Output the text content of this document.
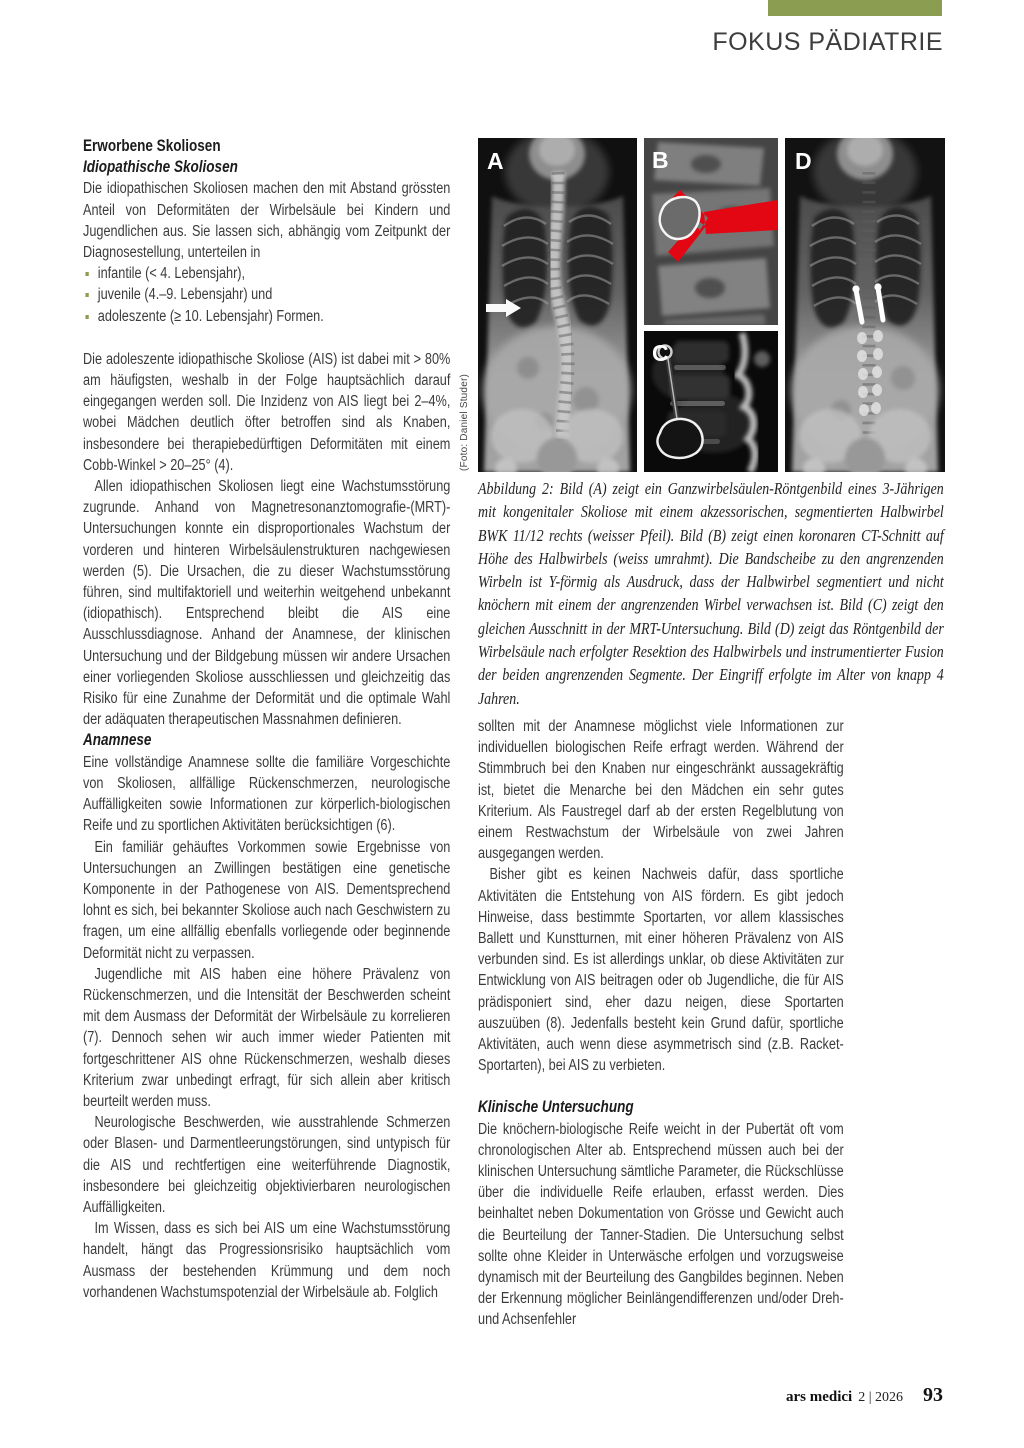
FOKUS PÄDIATRIE
Erworbene Skoliosen
Idiopathische Skoliosen

Die idiopathischen Skoliosen machen den mit Abstand grössten Anteil von Deformitäten der Wirbelsäule bei Kindern und Jugendlichen aus. Sie lassen sich, abhängig vom Zeitpunkt der Diagnosestellung, unterteilen in

infantile (< 4. Lebensjahr),
juvenile (4.–9. Lebensjahr) und
adoleszente (≥ 10. Lebensjahr) Formen.

Die adoleszente idiopathische Skoliose (AIS) ist dabei mit > 80% am häufigsten, weshalb in der Folge hauptsächlich darauf eingegangen werden soll. Die Inzidenz von AIS liegt bei 2–4%, wobei Mädchen deutlich öfter betroffen sind als Knaben, insbesondere bei therapiebedürftigen Deformitäten mit einem Cobb-Winkel > 20–25° (4).

Allen idiopathischen Skoliosen liegt eine Wachstumsstörung zugrunde. Anhand von Magnetresonanztomografie-(MRT)-Untersuchungen konnte ein disproportionales Wachstum der vorderen und hinteren Wirbelsäulenstrukturen nachgewiesen werden (5). Die Ursachen, die zu dieser Wachstumsstörung führen, sind multifaktoriell und weiterhin weitgehend unbekannt (idiopathisch). Entsprechend bleibt die AIS eine Ausschlussdiagnose. Anhand der Anamnese, der klinischen Untersuchung und der Bildgebung müssen wir andere Ursachen einer vorliegenden Skoliose ausschliessen und gleichzeitig das Risiko für eine Zunahme der Deformität und die optimale Wahl der adäquaten therapeutischen Massnahmen definieren.

Anamnese

Eine vollständige Anamnese sollte die familiäre Vorgeschichte von Skoliosen, allfällige Rückenschmerzen, neurologische Auffälligkeiten sowie Informationen zur körperlich-biologischen Reife und zu sportlichen Aktivitäten berücksichtigen (6).

Ein familiär gehäuftes Vorkommen sowie Ergebnisse von Untersuchungen an Zwillingen bestätigen eine genetische Komponente in der Pathogenese von AIS. Dementsprechend lohnt es sich, bei bekannter Skoliose auch nach Geschwistern zu fragen, um eine allfällig ebenfalls vorliegende oder beginnende Deformität nicht zu verpassen.

Jugendliche mit AIS haben eine höhere Prävalenz von Rückenschmerzen, und die Intensität der Beschwerden scheint mit dem Ausmass der Deformität der Wirbelsäule zu korrelieren (7). Dennoch sehen wir auch immer wieder Patienten mit fortgeschrittener AIS ohne Rückenschmerzen, weshalb dieses Kriterium zwar unbedingt erfragt, für sich allein aber kritisch beurteilt werden muss.

Neurologische Beschwerden, wie ausstrahlende Schmerzen oder Blasen- und Darmentleerungstörungen, sind untypisch für die AIS und rechtfertigen eine weiterführende Diagnostik, insbesondere bei gleichzeitig objektivierbaren neurologischen Auffälligkeiten.

Im Wissen, dass es sich bei AIS um eine Wachstumsstörung handelt, hängt das Progressionsrisiko hauptsächlich vom Ausmass der bestehenden Krümmung und dem noch vorhandenen Wachstumspotenzial der Wirbelsäule ab. Folglich

A	B
C
D
(Foto: Daniel Studer)
Abbildung 2: Bild (A) zeigt ein Ganzwirbelsäulen-Röntgenbild eines 3-Jährigen mit kongenitaler Skoliose mit einem akzessorischen, segmentierten Halbwirbel BWK 11/12 rechts (weisser Pfeil). Bild (B) zeigt einen koronaren CT-Schnitt auf Höhe des Halbwirbels (weiss umrahmt). Die Bandscheibe zu den angrenzenden Wirbeln ist Y-förmig als Ausdruck, dass der Halbwirbel segmentiert und nicht knöchern mit einem der angrenzenden Wirbel verwachsen ist. Bild (C) zeigt den gleichen Ausschnitt in der MRT-Untersuchung. Bild (D) zeigt das Röntgenbild der Wirbelsäule nach erfolgter Resektion des Halbwirbels und instrumentierter Fusion der beiden angrenzenden Segmente. Der Eingriff erfolgte im Alter von knapp 4 Jahren.

sollten mit der Anamnese möglichst viele Informationen zur individuellen biologischen Reife erfragt werden. Während der Stimmbruch bei den Knaben nur eingeschränkt aussagekräftig ist, bietet die Menarche bei den Mädchen ein sehr gutes Kriterium. Als Faustregel darf ab der ersten Regelblutung von einem Restwachstum der Wirbelsäule von zwei Jahren ausgegangen werden.

Bisher gibt es keinen Nachweis dafür, dass sportliche Aktivitäten die Entstehung von AIS fördern. Es gibt jedoch Hinweise, dass bestimmte Sportarten, vor allem klassisches Ballett und Kunstturnen, mit einer höheren Prävalenz von AIS verbunden sind. Es ist allerdings unklar, ob diese Aktivitäten zur Entwicklung von AIS beitragen oder ob Jugendliche, die für AIS prädisponiert sind, eher dazu neigen, diese Sportarten auszuüben (8). Jedenfalls besteht kein Grund dafür, sportliche Aktivitäten, auch wenn diese asymmetrisch sind (z.B. Racket-Sportarten), bei AIS zu verbieten.

Klinische Untersuchung

Die knöchern-biologische Reife weicht in der Pubertät oft vom chronologischen Alter ab. Entsprechend müssen auch bei der klinischen Untersuchung sämtliche Parameter, die Rückschlüsse über die individuelle Reife erlauben, erfasst werden. Dies beinhaltet neben Dokumentation von Grösse und Gewicht auch die Beurteilung der Tanner-Stadien. Die Untersuchung selbst sollte ohne Kleider in Unterwäsche erfolgen und vorzugsweise dynamisch mit der Beurteilung des Gangbildes beginnen. Neben der Erkennung möglicher Beinlängendifferenzen und/oder Dreh- und Achsenfehler

ars medici 2 | 2026 93
